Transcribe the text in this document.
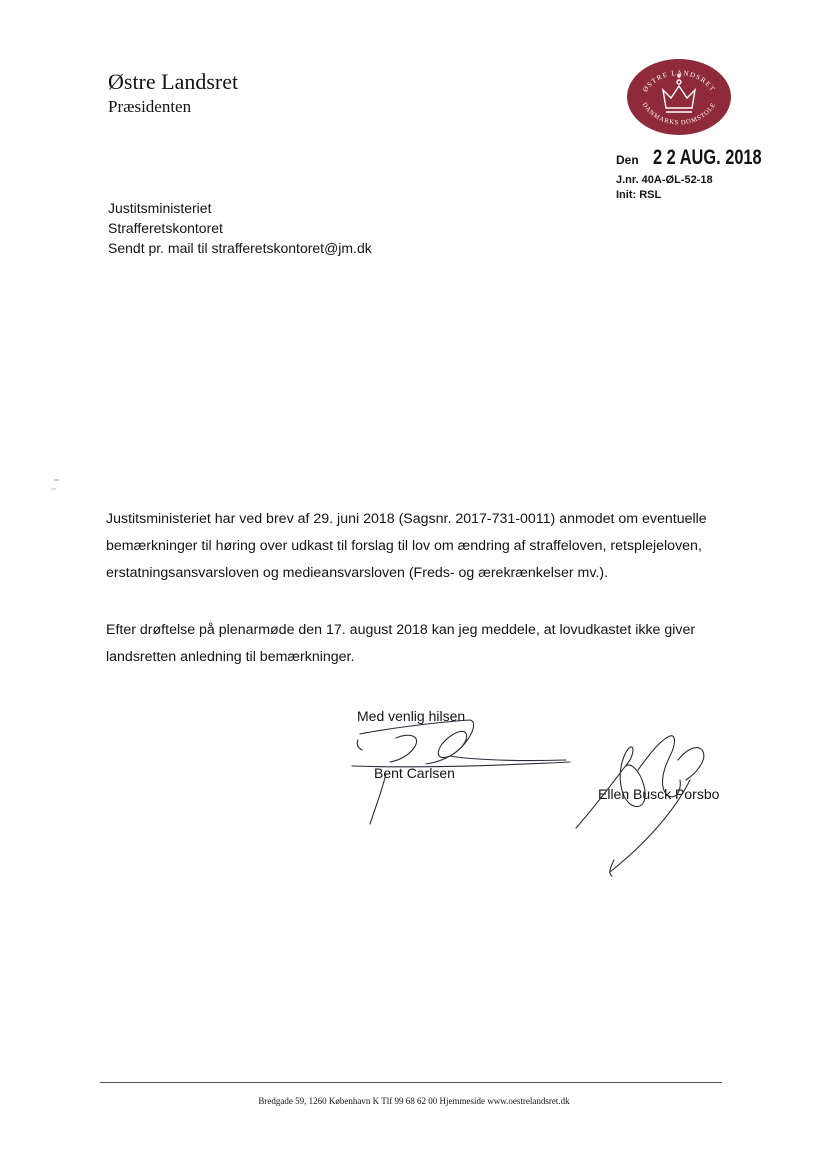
Østre Landsret
Præsidenten
ØSTRE LANDSRET
DANMARKS DOMSTOLE
Den 2 2 AUG. 2018
J.nr. 40A-ØL-52-18
Init: RSL
Justitsministeriet
Strafferetskontoret
Sendt pr. mail til strafferetskontoret@jm.dk
Justitsministeriet har ved brev af 29. juni 2018 (Sagsnr. 2017-731-0011) anmodet om eventuelle
bemærkninger til høring over udkast til forslag til lov om ændring af straffeloven, retsplejeloven,
erstatningsansvarsloven og medieansvarsloven (Freds- og ærekrænkelser mv.).
Efter drøftelse på plenarmøde den 17. august 2018 kan jeg meddele, at lovudkastet ikke giver
landsretten anledning til bemærkninger.
Med venlig hilsen
Bent Carlsen
Ellen Busck Porsbo
Bredgade 59, 1260 København K Tlf 99 68 62 00 Hjemmeside www.oestrelandsret.dk
